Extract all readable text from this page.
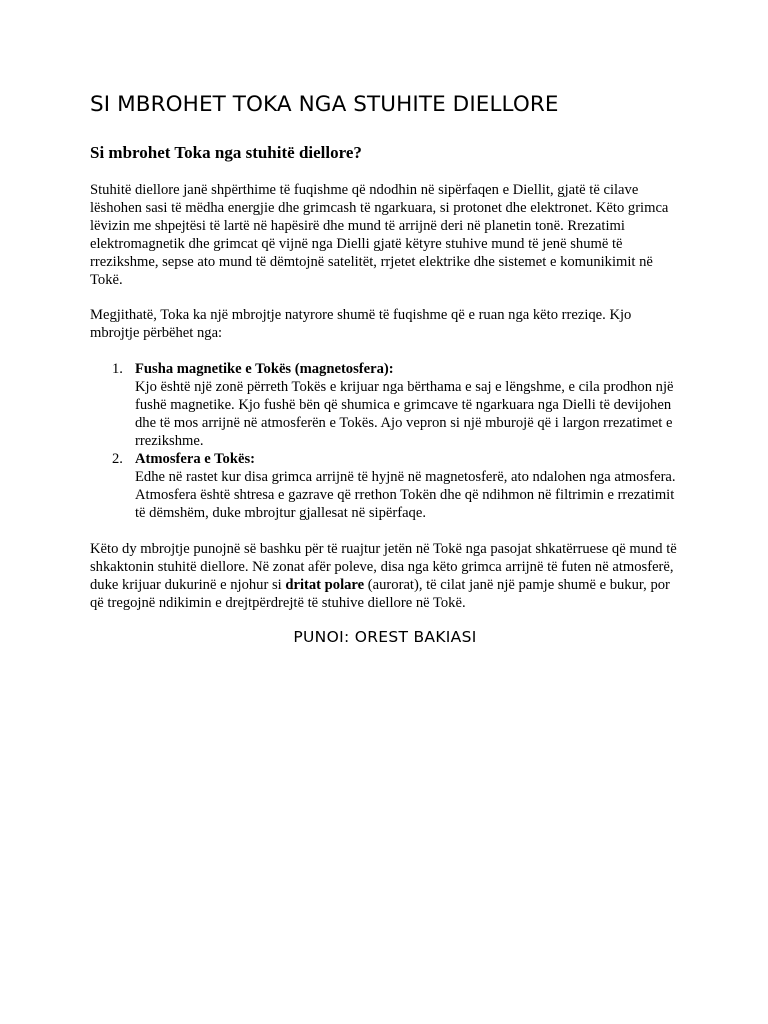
SI MBROHET TOKA NGA STUHITE DIELLORE
Si mbrohet Toka nga stuhitë diellore?

Stuhitë diellore janë shpërthime të fuqishme që ndodhin në sipërfaqen e Diellit, gjatë të cilave lëshohen sasi të mëdha energjie dhe grimcash të ngarkuara, si protonet dhe elektronet. Këto grimca lëvizin me shpejtësi të lartë në hapësirë dhe mund të arrijnë deri në planetin tonë. Rrezatimi elektromagnetik dhe grimcat që vijnë nga Dielli gjatë këtyre stuhive mund të jenë shumë të rrezikshme, sepse ato mund të dëmtojnë satelitët, rrjetet elektrike dhe sistemet e komunikimit në Tokë.

Megjithatë, Toka ka një mbrojtje natyrore shumë të fuqishme që e ruan nga këto rreziqe. Kjo mbrojtje përbëhet nga:

1. Fusha magnetike e Tokës (magnetosfera):
Kjo është një zonë përreth Tokës e krijuar nga bërthama e saj e lëngshme, e cila prodhon një fushë magnetike. Kjo fushë bën që shumica e grimcave të ngarkuara nga Dielli të devijohen dhe të mos arrijnë në atmosferën e Tokës. Ajo vepron si një mburojë që i largon rrezatimet e rrezikshme.
2. Atmosfera e Tokës:
Edhe në rastet kur disa grimca arrijnë të hyjnë në magnetosferë, ato ndalohen nga atmosfera. Atmosfera është shtresa e gazrave që rrethon Tokën dhe që ndihmon në filtrimin e rrezatimit të dëmshëm, duke mbrojtur gjallesat në sipërfaqe.

Këto dy mbrojtje punojnë së bashku për të ruajtur jetën në Tokë nga pasojat shkatërruese që mund të shkaktonin stuhitë diellore. Në zonat afër poleve, disa nga këto grimca arrijnë të futen në atmosferë, duke krijuar dukurinë e njohur si dritat polare (aurorat), të cilat janë një pamje shumë e bukur, por që tregojnë ndikimin e drejtpërdrejtë të stuhive diellore në Tokë.

PUNOI: OREST BAKIASI
